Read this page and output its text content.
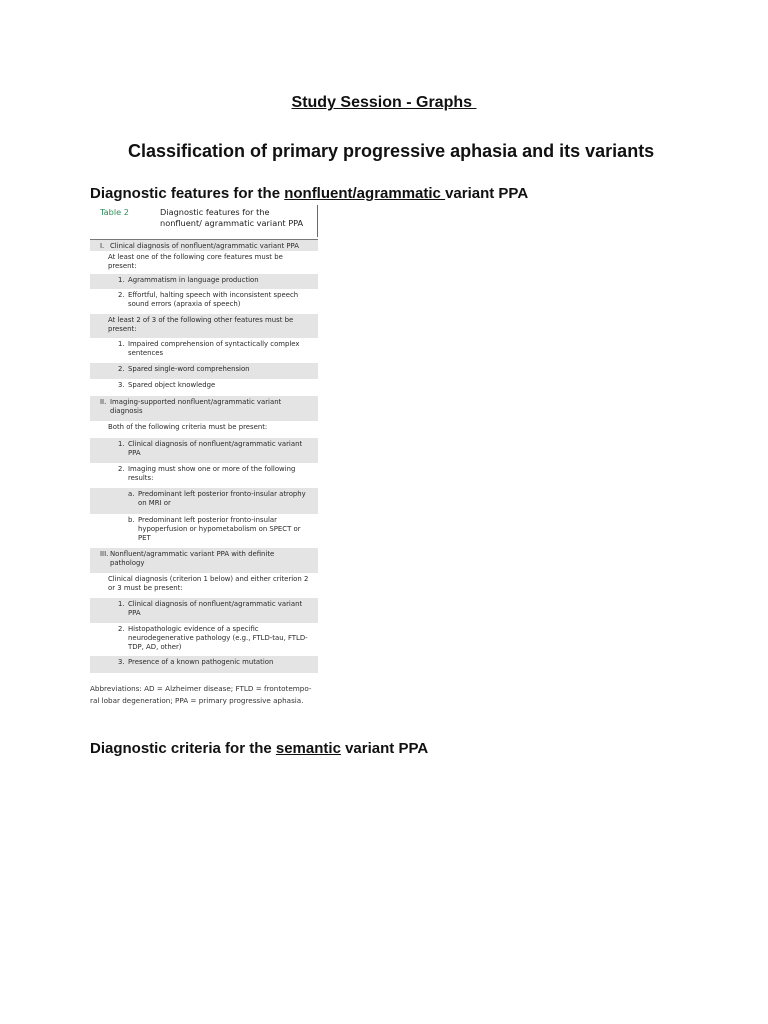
Study Session - Graphs
Classification of primary progressive aphasia and its variants
Diagnostic features for the nonfluent/agrammatic variant PPA
Table 2	Diagnostic features for the nonfluent/ agrammatic variant PPA
I. Clinical diagnosis of nonfluent/agrammatic variant PPA
At least one of the following core features must be present:
1. Agrammatism in language production
2. Effortful, halting speech with inconsistent speech sound errors (apraxia of speech)
At least 2 of 3 of the following other features must be present:
1. Impaired comprehension of syntactically complex sentences
2. Spared single-word comprehension
3. Spared object knowledge
II. Imaging-supported nonfluent/agrammatic variant diagnosis
Both of the following criteria must be present:
1. Clinical diagnosis of nonfluent/agrammatic variant PPA
2. Imaging must show one or more of the following results:
a. Predominant left posterior fronto-insular atrophy on MRI or
b. Predominant left posterior fronto-insular hypoperfusion or hypometabolism on SPECT or PET
III. Nonfluent/agrammatic variant PPA with definite pathology
Clinical diagnosis (criterion 1 below) and either criterion 2 or 3 must be present:
1. Clinical diagnosis of nonfluent/agrammatic variant PPA
2. Histopathologic evidence of a specific neurodegenerative pathology (e.g., FTLD-tau, FTLD-TDP, AD, other)
3. Presence of a known pathogenic mutation
Abbreviations: AD = Alzheimer disease; FTLD = frontotempo-ral lobar degeneration; PPA = primary progressive aphasia.
Diagnostic criteria for the semantic variant PPA
